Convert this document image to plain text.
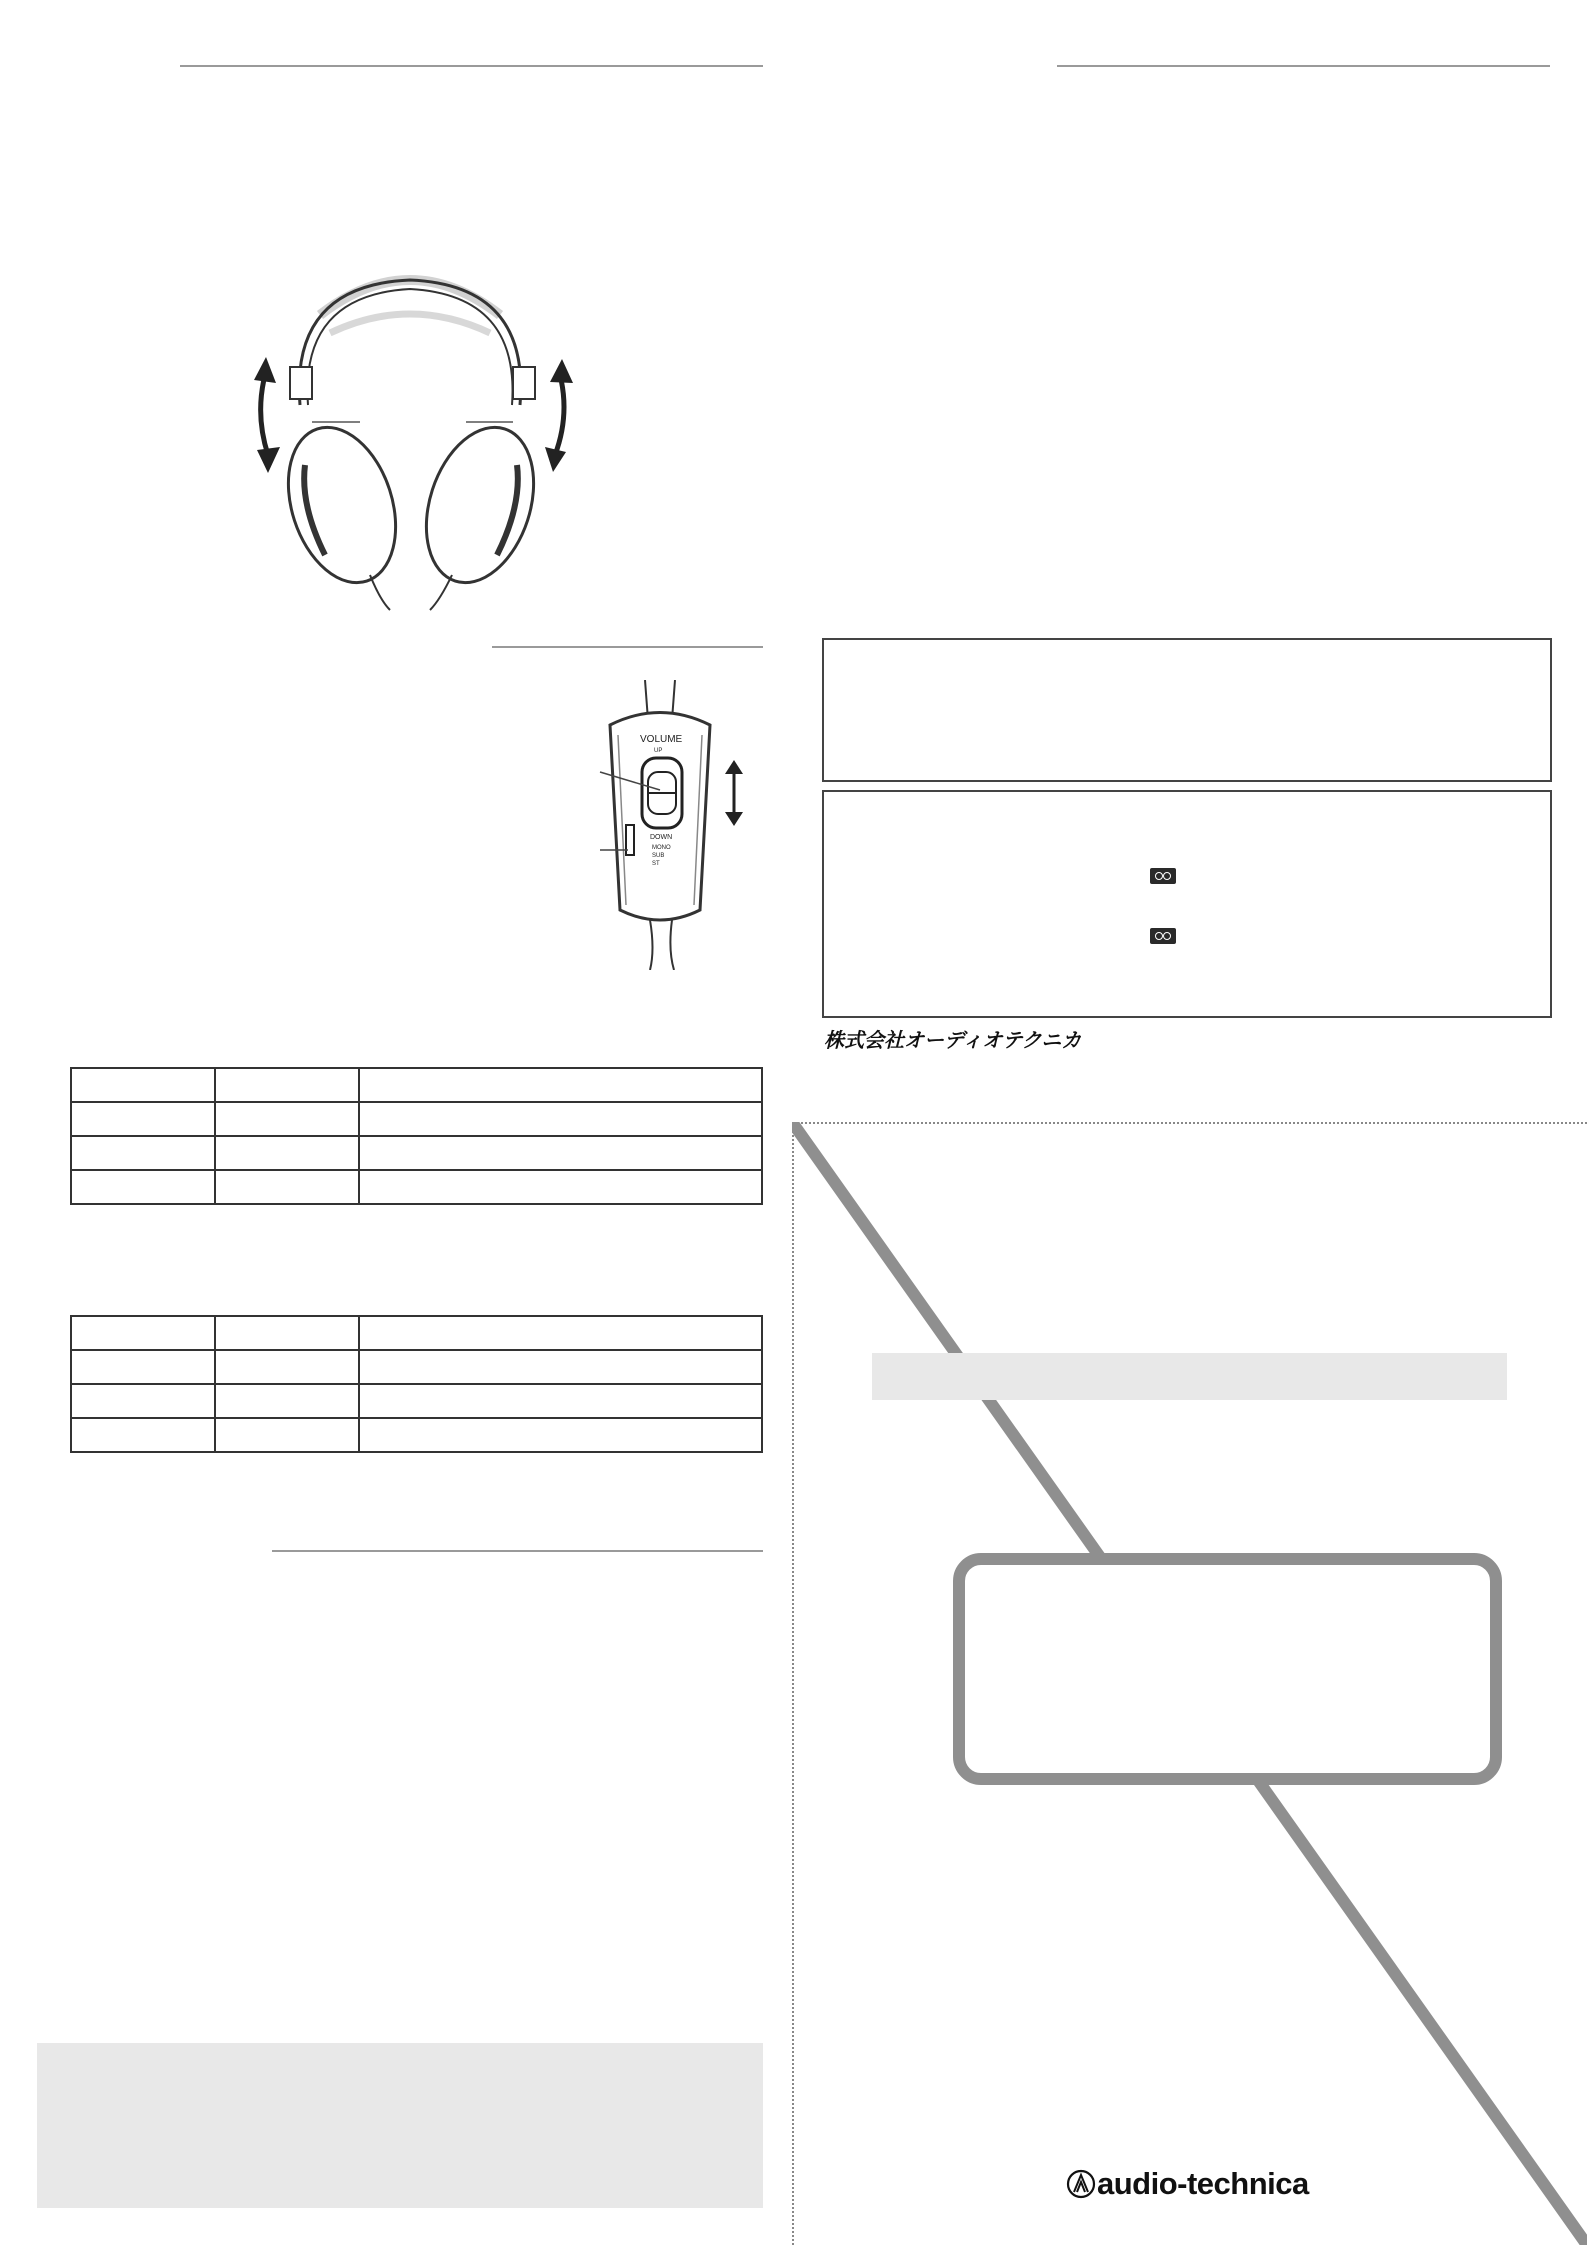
VOLUME
UP
DOWN
MONO
SUB
ST

株式会社オーディオテクニカ
audio-technica
